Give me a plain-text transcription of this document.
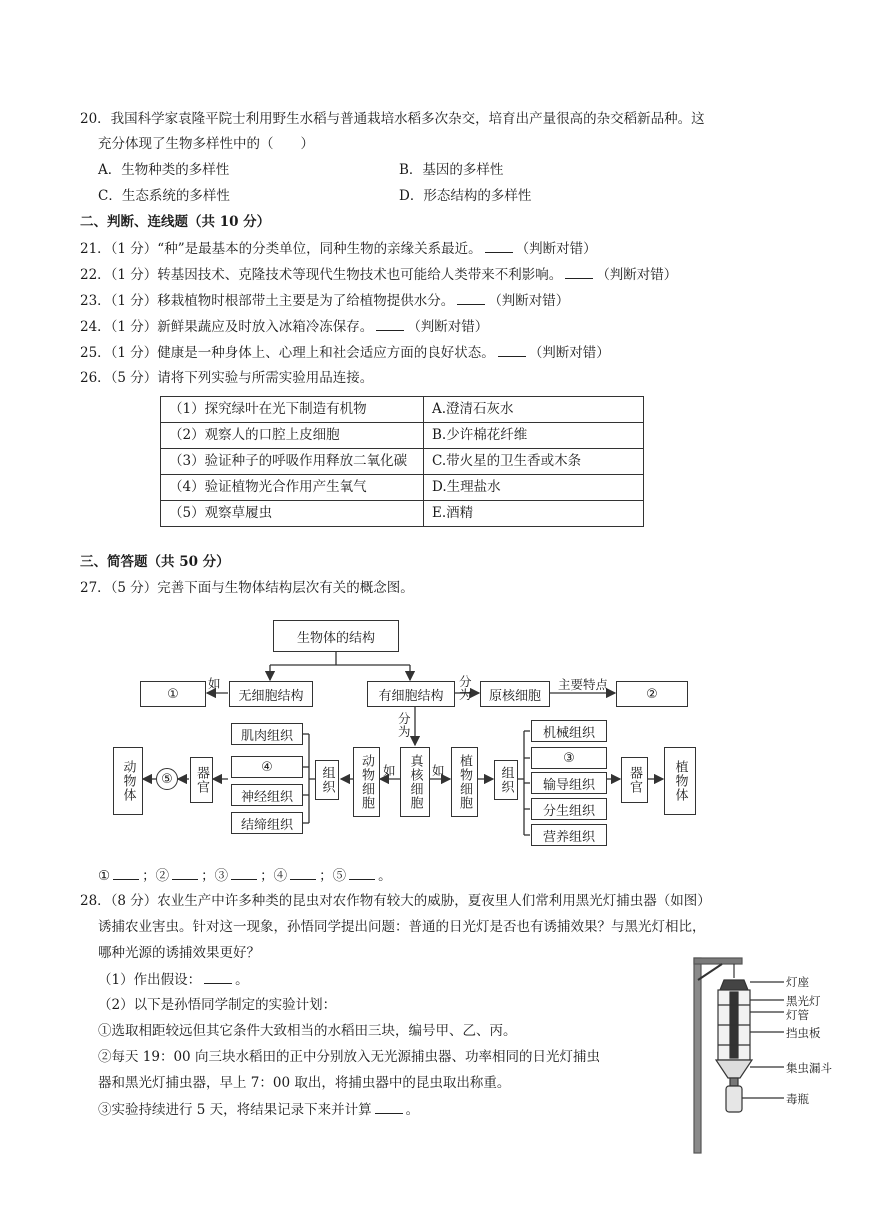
20．我国科学家袁隆平院士利用野生水稻与普通栽培水稻多次杂交，培育出产量很高的杂交稻新品种。这
充分体现了生物多样性中的（　　）
A．生物种类的多样性	B．基因的多样性
C．生态系统的多样性	D．形态结构的多样性
二、判断、连线题（共 10 分）
21．（1 分）“种”是最基本的分类单位，同种生物的亲缘关系最近。	（判断对错）
22．（1 分）转基因技术、克隆技术等现代生物技术也可能给人类带来不利影响。	（判断对错）
23．（1 分）移栽植物时根部带土主要是为了给植物提供水分。	（判断对错）
24．（1 分）新鲜果蔬应及时放入冰箱冷冻保存。	（判断对错）
25．（1 分）健康是一种身体上、心理上和社会适应方面的良好状态。	（判断对错）
26．（5 分）请将下列实验与所需实验用品连接。
（1）探究绿叶在光下制造有机物	A.澄清石灰水
（2）观察人的口腔上皮细胞	B.少许棉花纤维
（3）验证种子的呼吸作用释放二氧化碳	C.带火星的卫生香或木条
（4）验证植物光合作用产生氧气	D.生理盐水
（5）观察草履虫	E.酒精
三、简答题（共 50 分）
27．（5 分）完善下面与生物体结构层次有关的概念图。
生物体的结构
①
如
无细胞结构	有细胞结构
分为	原核细胞
主要特点
②
分为
真核细胞
如	如
动物细胞	植物细胞
组织
肌肉组织
④
神经组织
结缔组织
器官
⑤
动物体	组织
机械组织
③
输导组织
分生组织
营养组织
器官	植物体
① ；② ；③ ；④ ；⑤ 。
28．（8 分）农业生产中许多种类的昆虫对农作物有较大的威胁，夏夜里人们常利用黑光灯捕虫器（如图）
诱捕农业害虫。针对这一现象，孙悟同学提出问题：普通的日光灯是否也有诱捕效果？与黑光灯相比，
哪种光源的诱捕效果更好？
（1）作出假设：	。
（2）以下是孙悟同学制定的实验计划：
①选取相距较远但其它条件大致相当的水稻田三块，编号甲、乙、丙。
②每天 19：00 向三块水稻田的正中分别放入无光源捕虫器、功率相同的日光灯捕虫
器和黑光灯捕虫器，早上 7：00 取出，将捕虫器中的昆虫取出称重。
③实验持续进行 5 天，将结果记录下来并计算	。
灯座
黑光灯
灯管
挡虫板
集虫漏斗
毒瓶
